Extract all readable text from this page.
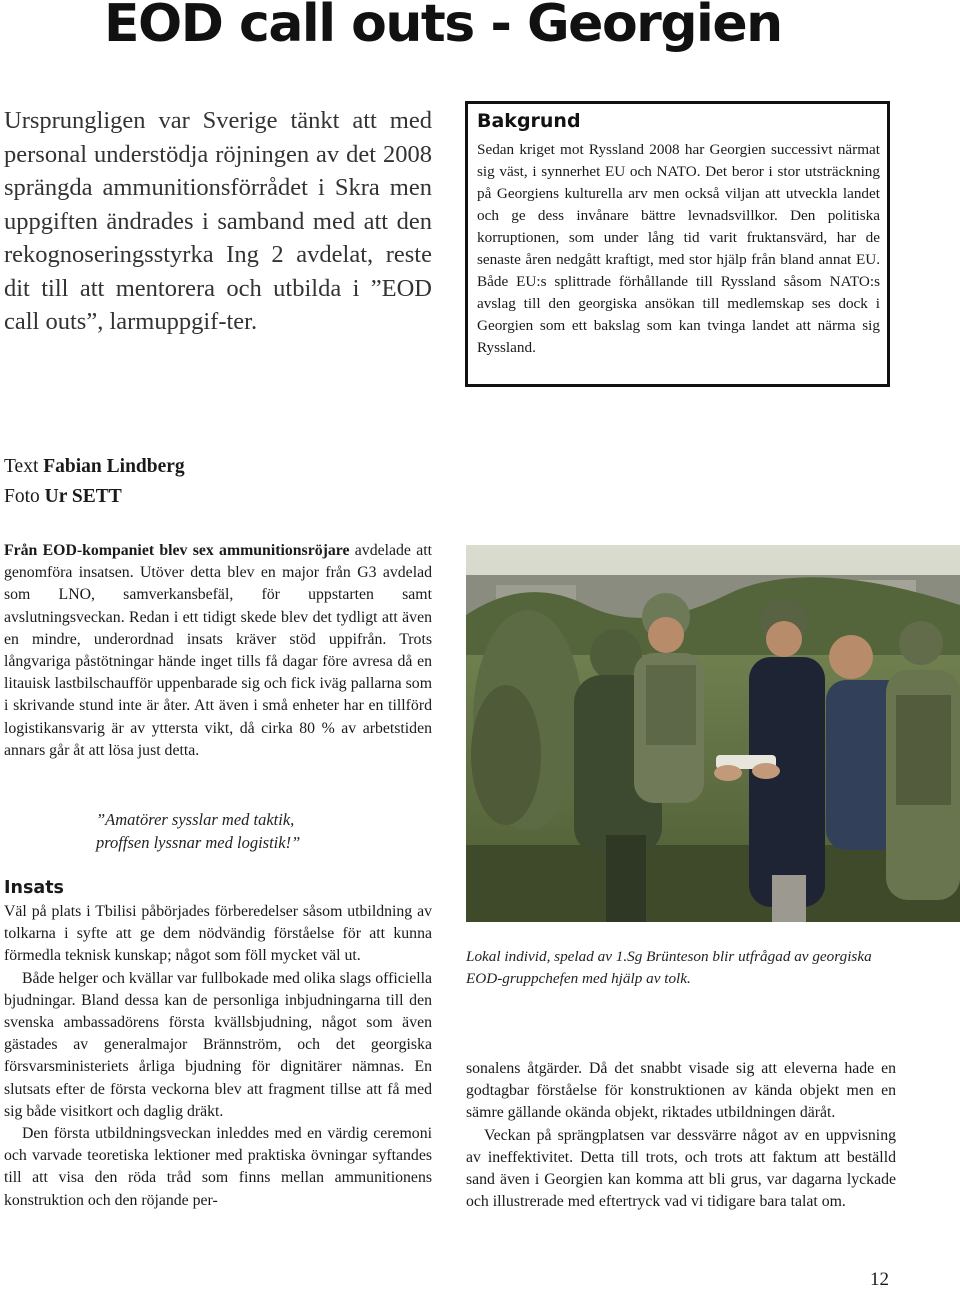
EOD call outs - Georgien

Ursprungligen var Sverige tänkt att med personal understödja röjningen av det 2008 sprängda ammunitionsförrådet i Skra men uppgiften ändrades i samband med att den rekognoseringsstyrka Ing 2 avdelat, reste dit till att mentorera och utbilda i ”EOD call outs”, larmuppgif-ter.

Bakgrund

Sedan kriget mot Ryssland 2008 har Georgien successivt närmat sig väst, i synnerhet EU och NATO. Det beror i stor utsträckning på Georgiens kulturella arv men också viljan att utveckla landet och ge dess invånare bättre levnadsvillkor. Den politiska korruptionen, som under lång tid varit fruktansvärd, har de senaste åren nedgått kraftigt, med stor hjälp från bland annat EU. Både EU:s splittrade förhållande till Ryssland såsom NATO:s avslag till den georgiska ansökan till medlemskap ses dock i Georgien som ett bakslag som kan tvinga landet att närma sig Ryssland.

Text Fabian Lindberg
Foto Ur SETT

Från EOD-kompaniet blev sex ammunitionsröjare avdelade att genomföra insatsen. Utöver detta blev en major från G3 avdelad som LNO, samverkansbefäl, för uppstarten samt avslutningsveckan. Redan i ett tidigt skede blev det tydligt att även en mindre, underordnad insats kräver stöd uppifrån. Trots långvariga påstötningar hände inget tills få dagar före avresa då en litauisk lastbilschaufför uppenbarade sig och fick iväg pallarna som i skrivande stund inte är åter. Att även i små enheter har en tillförd logistikansvarig är av yttersta vikt, då cirka 80 % av arbetstiden annars går åt att lösa just detta.

”Amatörer sysslar med taktik,
proffsen lyssnar med logistik!”
Insats

Väl på plats i Tbilisi påbörjades förberedelser såsom utbildning av tolkarna i syfte att ge dem nödvändig förståelse för att kunna förmedla teknisk kunskap; något som föll mycket väl ut.

Både helger och kvällar var fullbokade med olika slags officiella bjudningar. Bland dessa kan de personliga inbjudningarna till den svenska ambassadörens första kvällsbjudning, något som även gästades av generalmajor Brännström, och det georgiska försvarsministeriets årliga bjudning för dignitärer nämnas. En slutsats efter de första veckorna blev att fragment tillse att få med sig både visitkort och daglig dräkt.

Den första utbildningsveckan inleddes med en värdig ceremoni och varvade teoretiska lektioner med praktiska övningar syftandes till att visa den röda tråd som finns mellan ammunitionens konstruktion och den röjande per-

Lokal individ, spelad av 1.Sg Brünteson blir utfrågad av georgiska EOD-gruppchefen med hjälp av tolk.

sonalens åtgärder. Då det snabbt visade sig att eleverna hade en godtagbar förståelse för konstruktionen av kända objekt men en sämre gällande okända objekt, riktades utbildningen däråt.

Veckan på sprängplatsen var dessvärre något av en uppvisning av ineffektivitet. Detta till trots, och trots att faktum att beställd sand även i Georgien kan komma att bli grus, var dagarna lyckade och illustrerade med eftertryck vad vi tidigare bara talat om.

12
